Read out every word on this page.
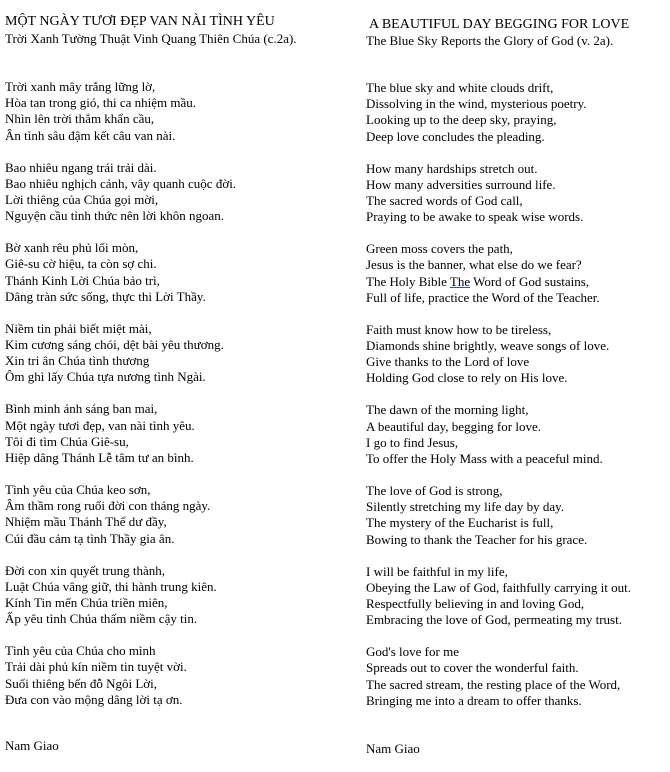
MỘT NGÀY TƯƠI ĐẸP VAN NÀI TÌNH YÊU
Trời Xanh Tường Thuật Vinh Quang Thiên Chúa (c.2a).
Trời xanh mây trắng lững lờ,
Hòa tan trong gió, thi ca nhiệm mầu.
Nhìn lên trời thẳm khẩn cầu,
Ân tình sâu đậm kết câu van nài.
Bao nhiêu ngang trái trải dài.
Bao nhiêu nghịch cảnh, vây quanh cuộc đời.
Lời thiêng của Chúa gọi mời,
Nguyện cầu tỉnh thức nên lời khôn ngoan.
Bờ xanh rêu phủ lối mòn,
Giê-su cờ hiệu, ta còn sợ chi.
Thánh Kinh Lời Chúa bảo trì,
Dâng tràn sức sống, thực thi Lời Thầy.
Niềm tin phải biết miệt mài,
Kim cương sáng chói, dệt bài yêu thương.
Xin tri ân Chúa tình thương
Ôm ghì lấy Chúa tựa nương tình Ngài.
Bình minh ánh sáng ban mai,
Một ngày tươi đẹp, van nài tình yêu.
Tôi đi tìm Chúa Giê-su,
Hiệp dâng Thánh Lễ tâm tư an bình.
Tình yêu của Chúa keo sơn,
Âm thầm rong ruổi đời con tháng ngày.
Nhiệm mầu Thánh Thể dư đầy,
Cúi đầu cảm tạ tình Thầy gia ân.
Đời con xin quyết trung thành,
Luật Chúa vâng giữ, thi hành trung kiên.
Kính Tin mến Chúa triền miên,
Ấp yêu tình Chúa thấm niềm cậy tin.
Tình yêu của Chúa cho mình
Trải dài phủ kín niềm tin tuyệt vời.
Suối thiêng bến đỗ Ngôi Lời,
Đưa con vào mộng dâng lời tạ ơn.
Nam Giao
A BEAUTIFUL DAY BEGGING FOR LOVE
The Blue Sky Reports the Glory of God (v. 2a).
The blue sky and white clouds drift,
Dissolving in the wind, mysterious poetry.
Looking up to the deep sky, praying,
Deep love concludes the pleading.
How many hardships stretch out.
How many adversities surround life.
The sacred words of God call,
Praying to be awake to speak wise words.
Green moss covers the path,
Jesus is the banner, what else do we fear?
The Holy Bible The Word of God sustains,
Full of life, practice the Word of the Teacher.
Faith must know how to be tireless,
Diamonds shine brightly, weave songs of love.
Give thanks to the Lord of love
Holding God close to rely on His love.
The dawn of the morning light,
A beautiful day, begging for love.
I go to find Jesus,
To offer the Holy Mass with a peaceful mind.
The love of God is strong,
Silently stretching my life day by day.
The mystery of the Eucharist is full,
Bowing to thank the Teacher for his grace.
I will be faithful in my life,
Obeying the Law of God, faithfully carrying it out.
Respectfully believing in and loving God,
Embracing the love of God, permeating my trust.
God's love for me
Spreads out to cover the wonderful faith.
The sacred stream, the resting place of the Word,
Bringing me into a dream to offer thanks.
Nam Giao
